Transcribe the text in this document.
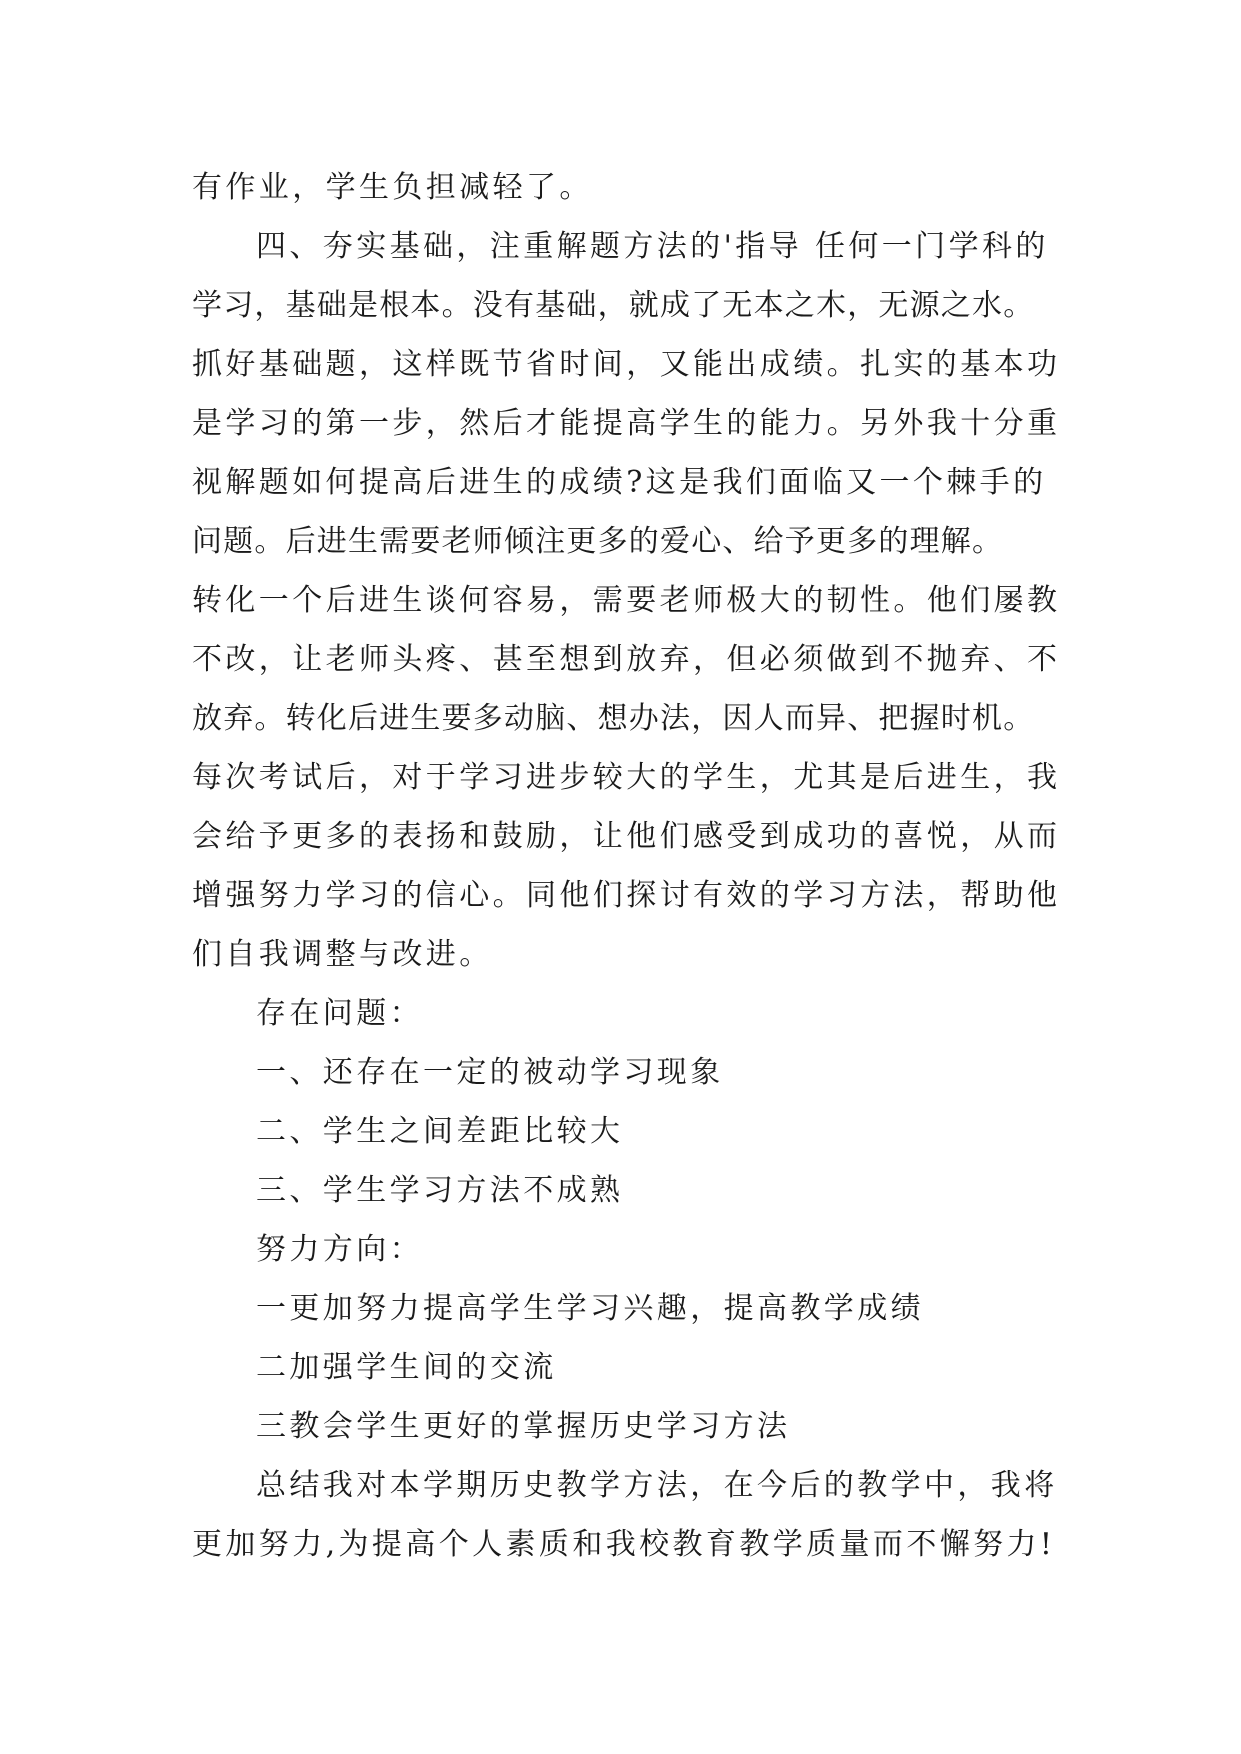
有作业，学生负担减轻了。
四、夯实基础，注重解题方法的'指导 任何一门学科的
学习，基础是根本。没有基础，就成了无本之木，无源之水。
抓好基础题，这样既节省时间，又能出成绩。扎实的基本功
是学习的第一步，然后才能提高学生的能力。另外我十分重
视解题如何提高后进生的成绩?这是我们面临又一个棘手的
问题。后进生需要老师倾注更多的爱心、给予更多的理解。
转化一个后进生谈何容易，需要老师极大的韧性。他们屡教
不改，让老师头疼、甚至想到放弃，但必须做到不抛弃、不
放弃。转化后进生要多动脑、想办法，因人而异、把握时机。
每次考试后，对于学习进步较大的学生，尤其是后进生，我
会给予更多的表扬和鼓励，让他们感受到成功的喜悦，从而
增强努力学习的信心。同他们探讨有效的学习方法，帮助他
们自我调整与改进。
存在问题：
一、还存在一定的被动学习现象
二、学生之间差距比较大
三、学生学习方法不成熟
努力方向：
一更加努力提高学生学习兴趣，提高教学成绩
二加强学生间的交流
三教会学生更好的掌握历史学习方法
总结我对本学期历史教学方法，在今后的教学中，我将
更加努力,为提高个人素质和我校教育教学质量而不懈努力!
